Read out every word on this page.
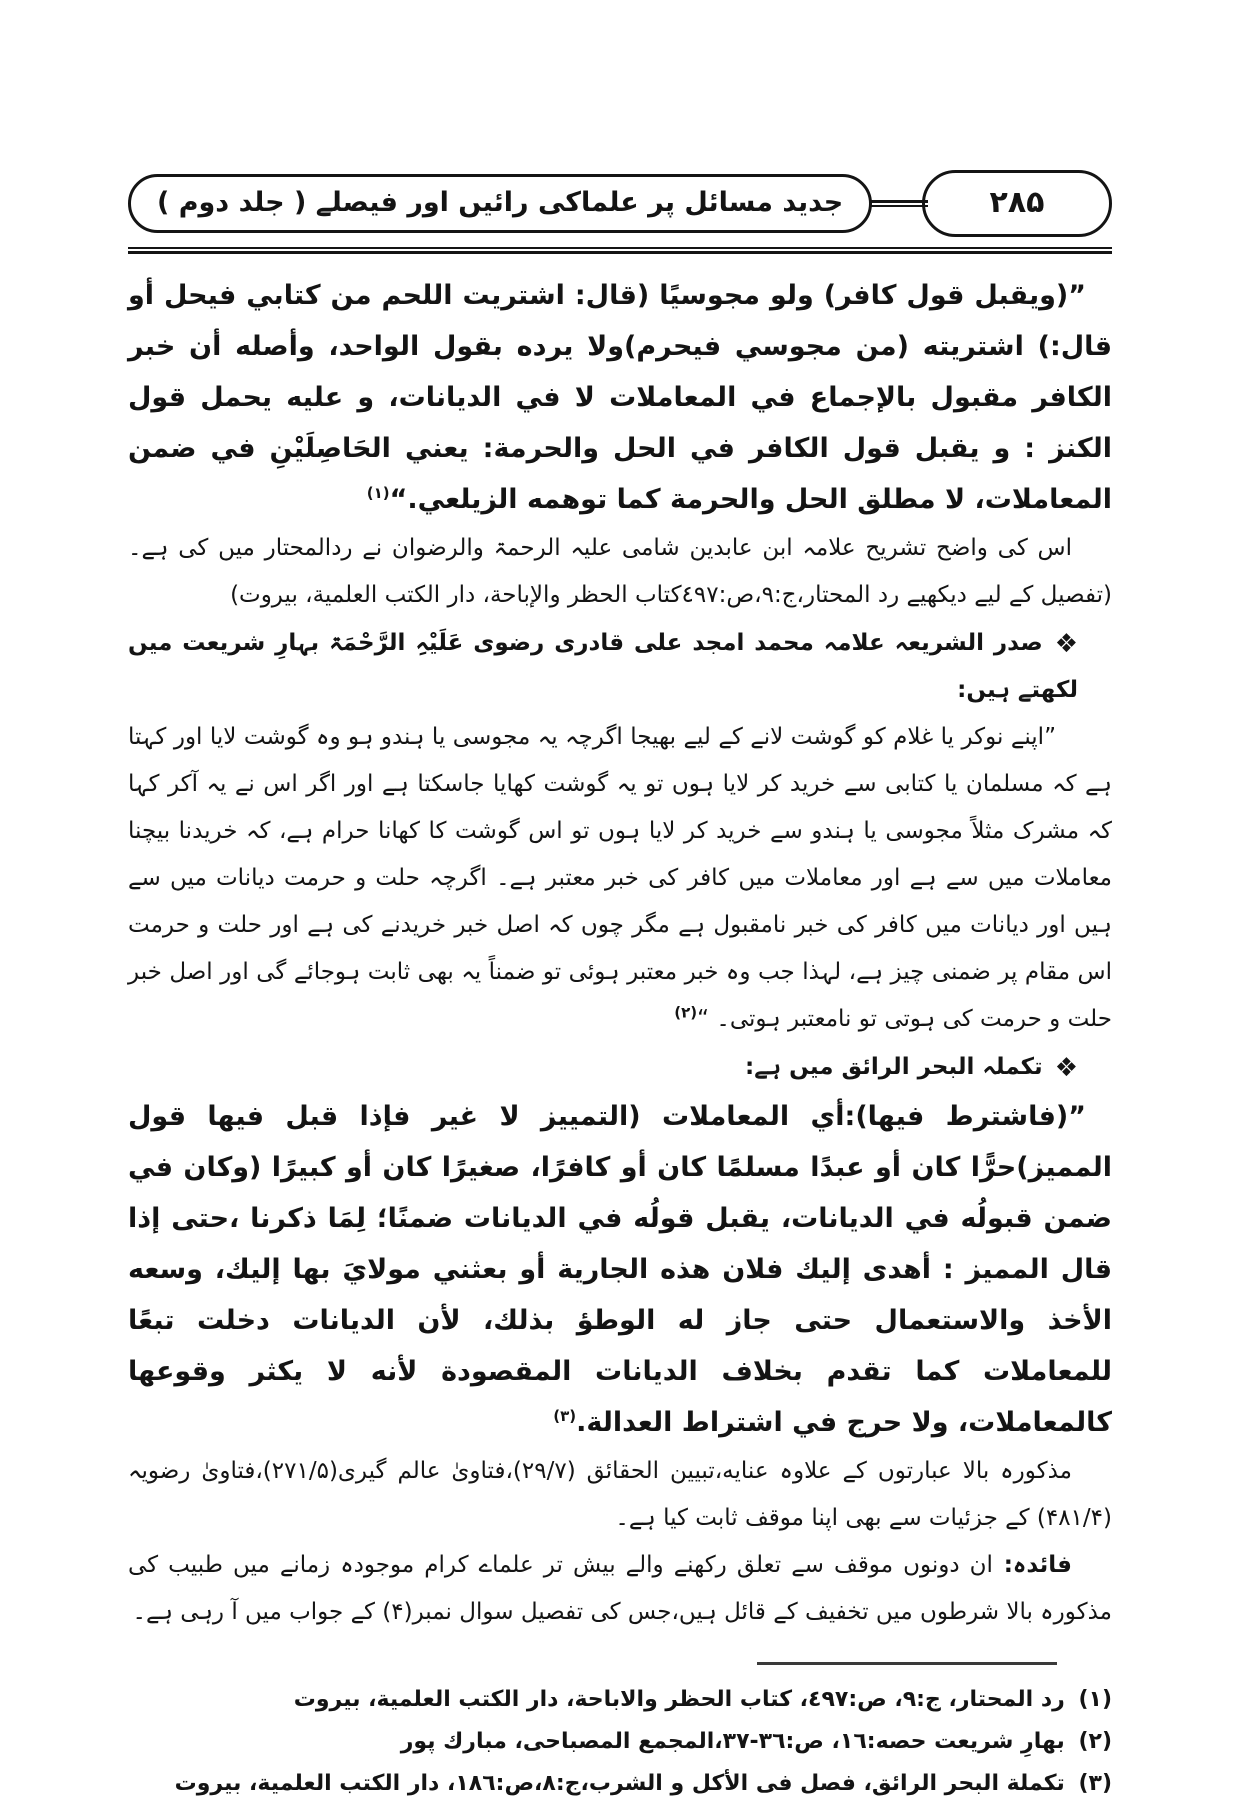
۲۸۵
جدید مسائل پر علماکی رائیں اور فیصلے ( جلد دوم )

”(ويقبل قول كافر) ولو مجوسيًا (قال: اشتريت اللحم من كتابي فيحل أو قال:) اشتريته (من مجوسي فيحرم)ولا يرده بقول الواحد، وأصله أن خبر الكافر مقبول بالإجماع في المعاملات لا في الديانات، و عليه يحمل قول الكنز : و يقبل قول الكافر في الحل والحرمة: يعني الحَاصِلَيْنِ في ضمن المعاملات، لا مطلق الحل والحرمة كما توهمه الزيلعي.“$^{(١)}$

اس کی واضح تشریح علامہ ابن عابدین شامی علیہ الرحمۃ والرضوان نے ردالمحتار میں کی ہے۔ (تفصیل کے لیے دیکھیے رد المحتار،ج:٩،ص:٤٩٧كتاب الحظر والإباحة، دار الكتب العلمية، بيروت)

❖صدر الشریعہ علامہ محمد امجد علی قادری رضوی عَلَیْہِ الرَّحْمَۃ بہارِ شریعت میں لکھتے ہیں:

”اپنے نوکر یا غلام کو گوشت لانے کے لیے بھیجا اگرچہ یہ مجوسی یا ہندو ہو وہ گوشت لایا اور کہتا ہے کہ مسلمان یا کتابی سے خرید کر لایا ہوں تو یہ گوشت کھایا جاسکتا ہے اور اگر اس نے یہ آکر کہا کہ مشرک مثلاً مجوسی یا ہندو سے خرید کر لایا ہوں تو اس گوشت کا کھانا حرام ہے، کہ خریدنا بیچنا معاملات میں سے ہے اور معاملات میں کافر کی خبر معتبر ہے۔ اگرچہ حلت و حرمت دیانات میں سے ہیں اور دیانات میں کافر کی خبر نامقبول ہے مگر چوں کہ اصل خبر خریدنے کی ہے اور حلت و حرمت اس مقام پر ضمنی چیز ہے، لہذا جب وہ خبر معتبر ہوئی تو ضمناً یہ بھی ثابت ہوجائے گی اور اصل خبر حلت و حرمت کی ہوتی تو نامعتبر ہوتی۔ “$^{(٢)}$

❖تکملہ البحر الرائق میں ہے:

”(فاشترط فيها):أي المعاملات (التمييز لا غير فإذا قبل فيها قول المميز)حرًّا كان أو عبدًا مسلمًا كان أو كافرًا، صغيرًا كان أو كبيرًا (وكان في ضمن قبولُه في الديانات، يقبل قولُه في الديانات ضمنًا؛ لِمَا ذكرنا ،حتى إذا قال المميز : أهدى إليك فلان هذه الجارية أو بعثني مولايَ بها إليك، وسعه الأخذ والاستعمال حتى جاز له الوطؤ بذلك، لأن الديانات دخلت تبعًا للمعاملات كما تقدم بخلاف الديانات المقصودة لأنه لا يكثر وقوعها كالمعاملات، ولا حرج في اشتراط العدالة.$^{(٣)}$

مذکورہ بالا عبارتوں کے علاوہ عنایه،تبیین الحقائق (۲۹/۷)،فتاویٰ عالم گیری(۲۷۱/۵)،فتاویٰ رضویہ (۴۸۱/۴) کے جزئیات سے بھی اپنا موقف ثابت کیا ہے۔

فائدہ: ان دونوں موقف سے تعلق رکھنے والے بیش تر علماے کرام موجودہ زمانے میں طبیب کی مذکورہ بالا شرطوں میں تخفیف کے قائل ہیں،جس کی تفصیل سوال نمبر(۴) کے جواب میں آ رہی ہے۔

(١) رد المحتار، ج:٩، ص:٤٩٧، كتاب الحظر والاباحة، دار الكتب العلمية، بيروت
(٢) بهارِ شريعت حصه:١٦، ص:٣٦-٣٧،المجمع المصباحى، مبارك پور
(٣) تكملة البحر الرائق، فصل فى الأكل و الشرب،ج:٨،ص:١٨٦، دار الكتب العلمية، بيروت
